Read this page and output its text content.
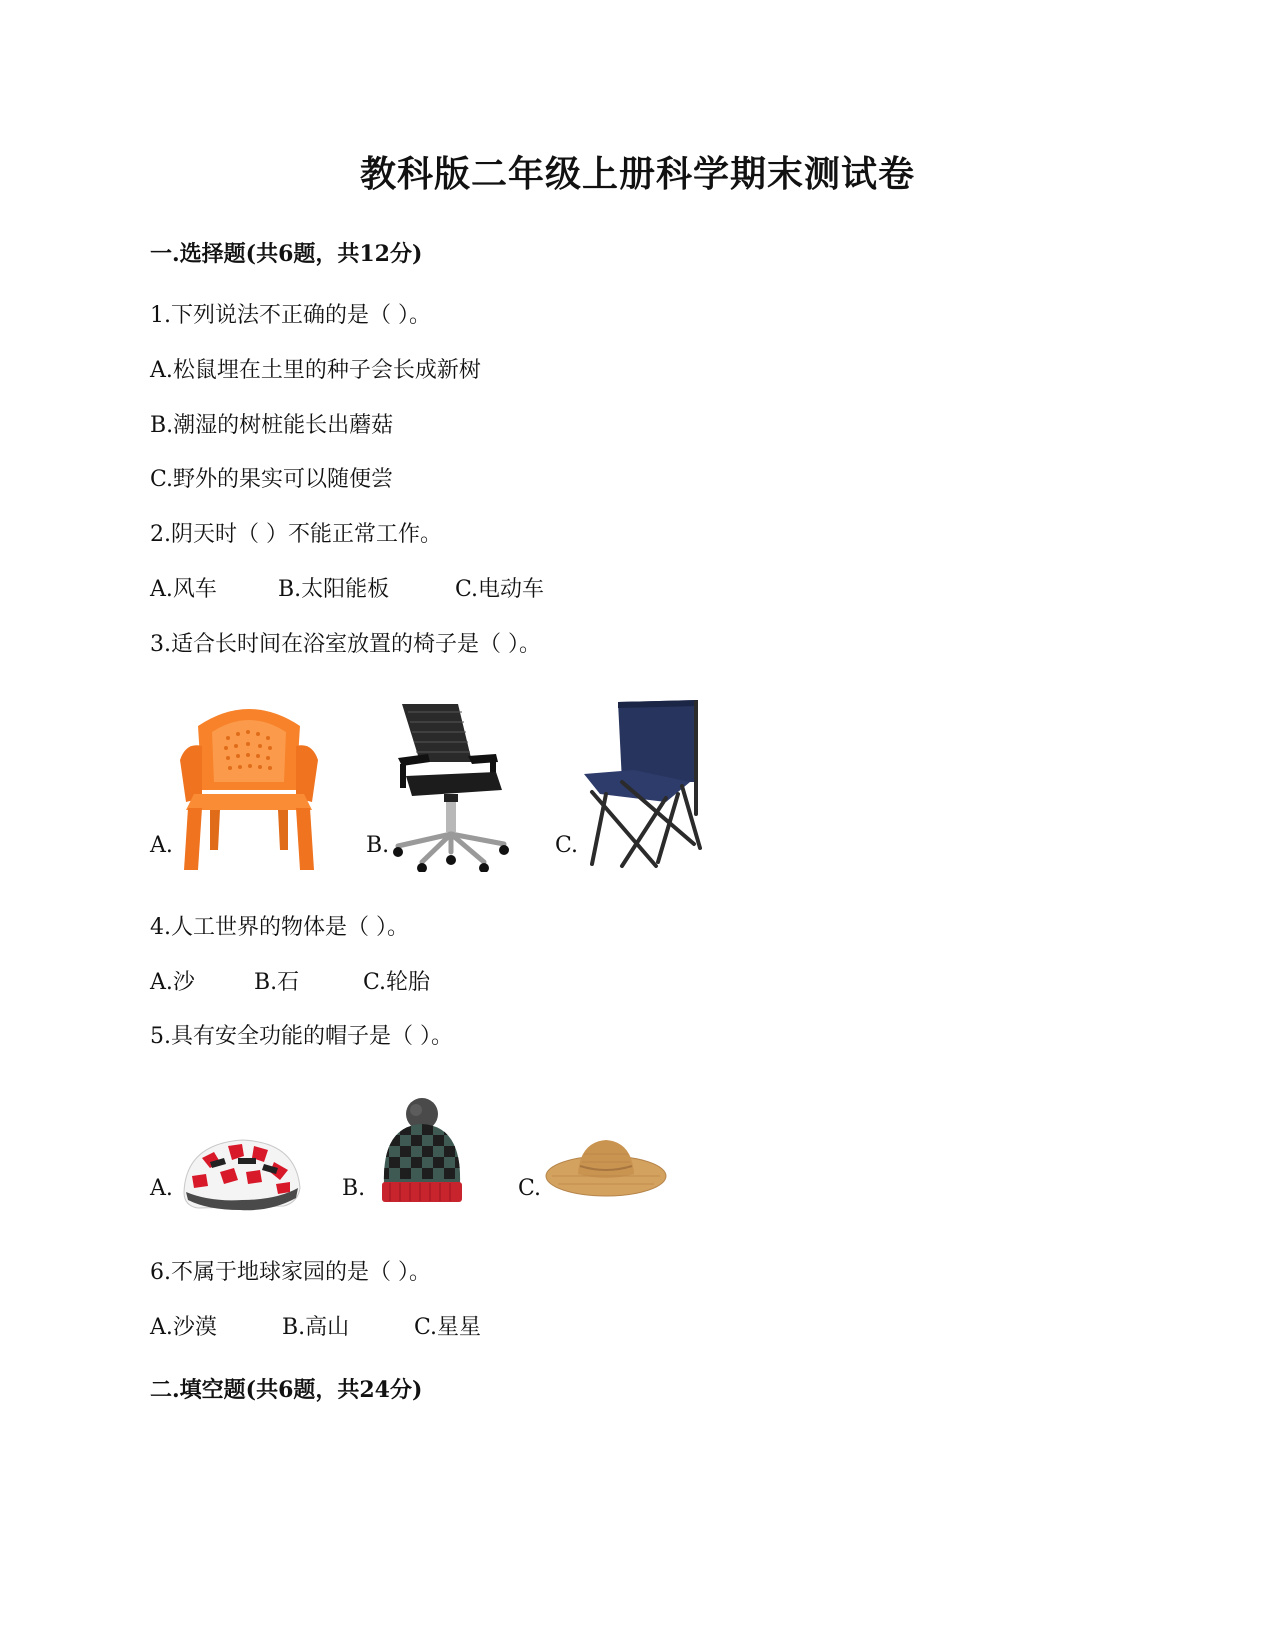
教科版二年级上册科学期末测试卷
一.选择题(共6题，共12分)
1.下列说法不正确的是（ ）。
A.松鼠埋在土里的种子会长成新树
B.潮湿的树桩能长出蘑菇
C.野外的果实可以随便尝
2.阴天时（ ）不能正常工作。
A.风车	B.太阳能板	C.电动车
3.适合长时间在浴室放置的椅子是（ ）。
A.	B.	C.
4.人工世界的物体是（ ）。
A.沙	B.石	C.轮胎
5.具有安全功能的帽子是（ ）。
A.	B.	C.
6.不属于地球家园的是（ ）。
A.沙漠	B.高山	C.星星
二.填空题(共6题，共24分)
